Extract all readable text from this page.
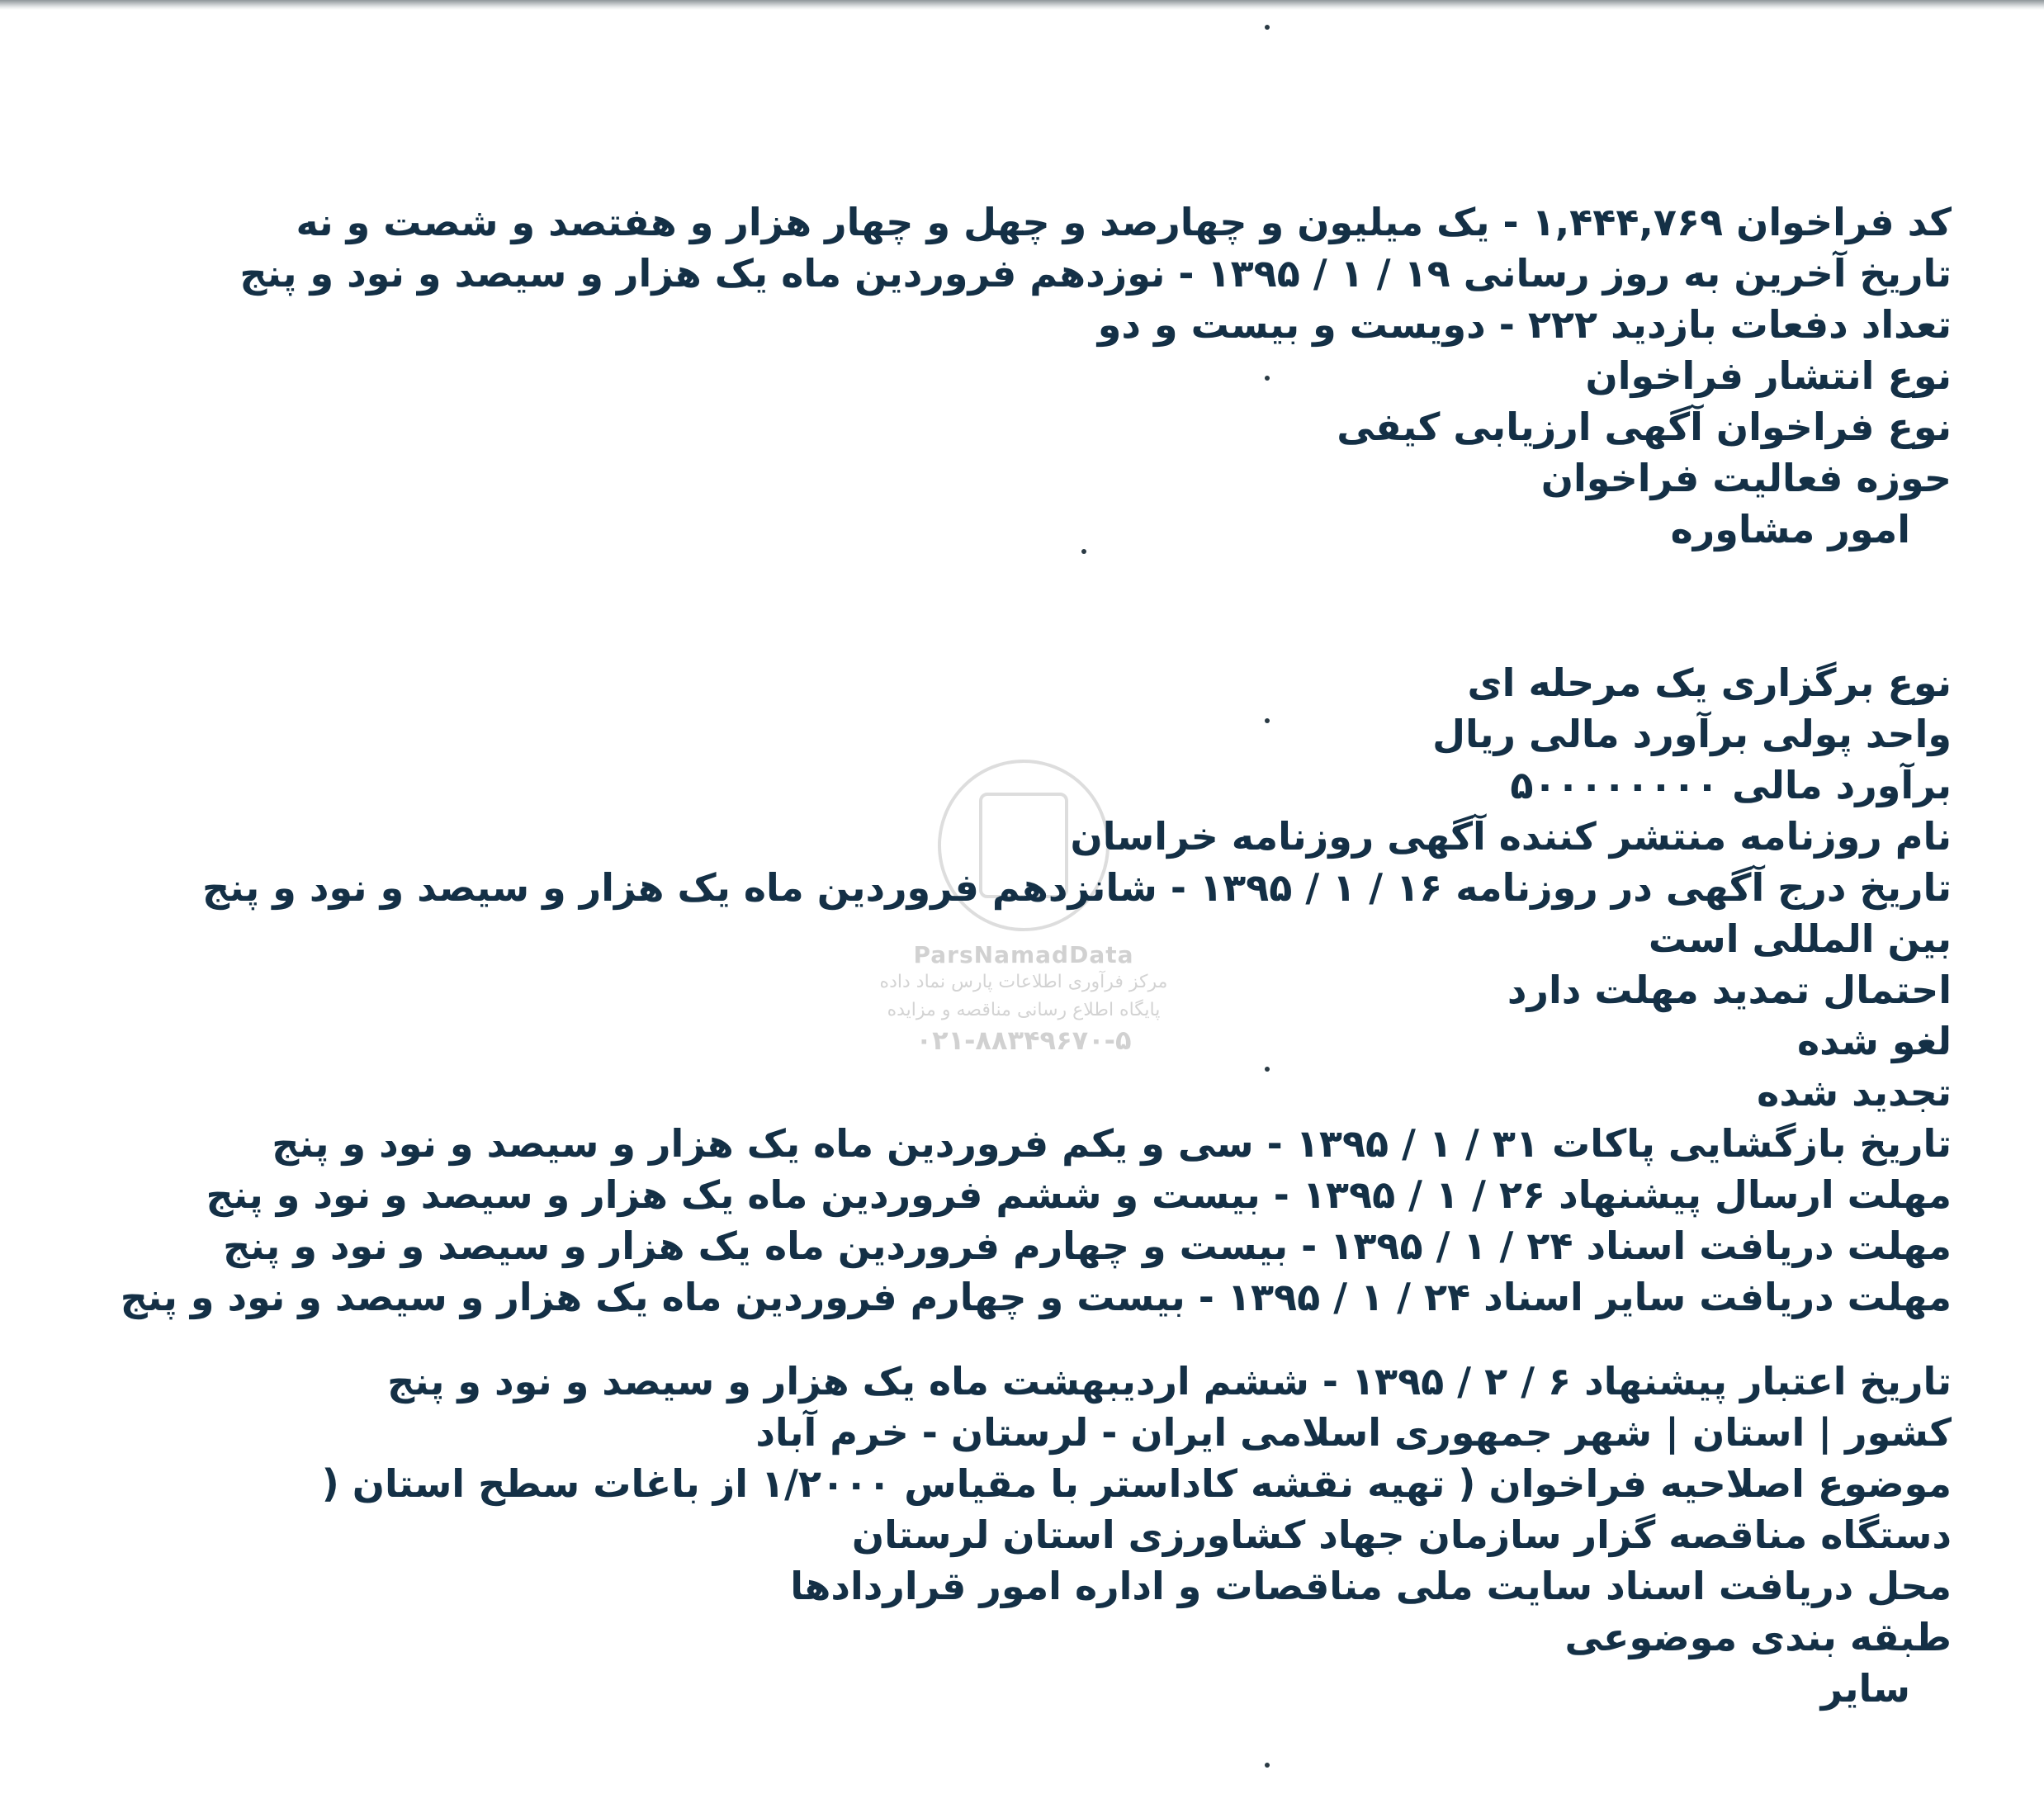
ParsNamadData
مرکز فرآوری اطلاعات پارس نماد داده
پایگاه اطلاع رسانی مناقصه و مزایده
۰۲۱-۸۸۳۴۹۶۷۰-۵
کد فراخوان ۱,۴۴۴,۷۶۹ - یک میلیون و چهارصد و چهل و چهار هزار و هفتصد و شصت و نه
تاریخ آخرین به روز رسانی ۱۹ / ۱ / ۱۳۹۵ - نوزدهم فروردین ماه یک هزار و سیصد و نود و پنج
تعداد دفعات بازدید ۲۲۲ - دویست و بیست و دو
نوع انتشار فراخوان
نوع فراخوان آگهی ارزیابی کیفی
حوزه فعالیت فراخوان
امور مشاوره
نوع برگزاری یک مرحله ای
واحد پولی برآورد مالی ریال
برآورد مالی ۵۰۰۰۰۰۰۰۰
نام روزنامه منتشر کننده آگهی روزنامه خراسان
تاریخ درج آگهی در روزنامه ۱۶ / ۱ / ۱۳۹۵ - شانزدهم فروردین ماه یک هزار و سیصد و نود و پنج
بین المللی است
احتمال تمدید مهلت دارد
لغو شده
تجدید شده
تاریخ بازگشایی پاکات ۳۱ / ۱ / ۱۳۹۵ - سی و یکم فروردین ماه یک هزار و سیصد و نود و پنج
مهلت ارسال پیشنهاد ۲۶ / ۱ / ۱۳۹۵ - بیست و ششم فروردین ماه یک هزار و سیصد و نود و پنج
مهلت دریافت اسناد ۲۴ / ۱ / ۱۳۹۵ - بیست و چهارم فروردین ماه یک هزار و سیصد و نود و پنج
مهلت دریافت سایر اسناد ۲۴ / ۱ / ۱۳۹۵ - بیست و چهارم فروردین ماه یک هزار و سیصد و نود و پنج
تاریخ اعتبار پیشنهاد ۶ / ۲ / ۱۳۹۵ - ششم اردیبهشت ماه یک هزار و سیصد و نود و پنج
کشور | استان | شهر جمهوری اسلامی ایران - لرستان - خرم آباد
موضوع اصلاحیه فراخوان ( تهیه نقشه کاداستر با مقیاس ۱/۲۰۰۰ از باغات سطح استان (
دستگاه مناقصه گزار سازمان جهاد کشاورزی استان لرستان
محل دریافت اسناد سایت ملی مناقصات و اداره امور قراردادها
طبقه بندی موضوعی
سایر
